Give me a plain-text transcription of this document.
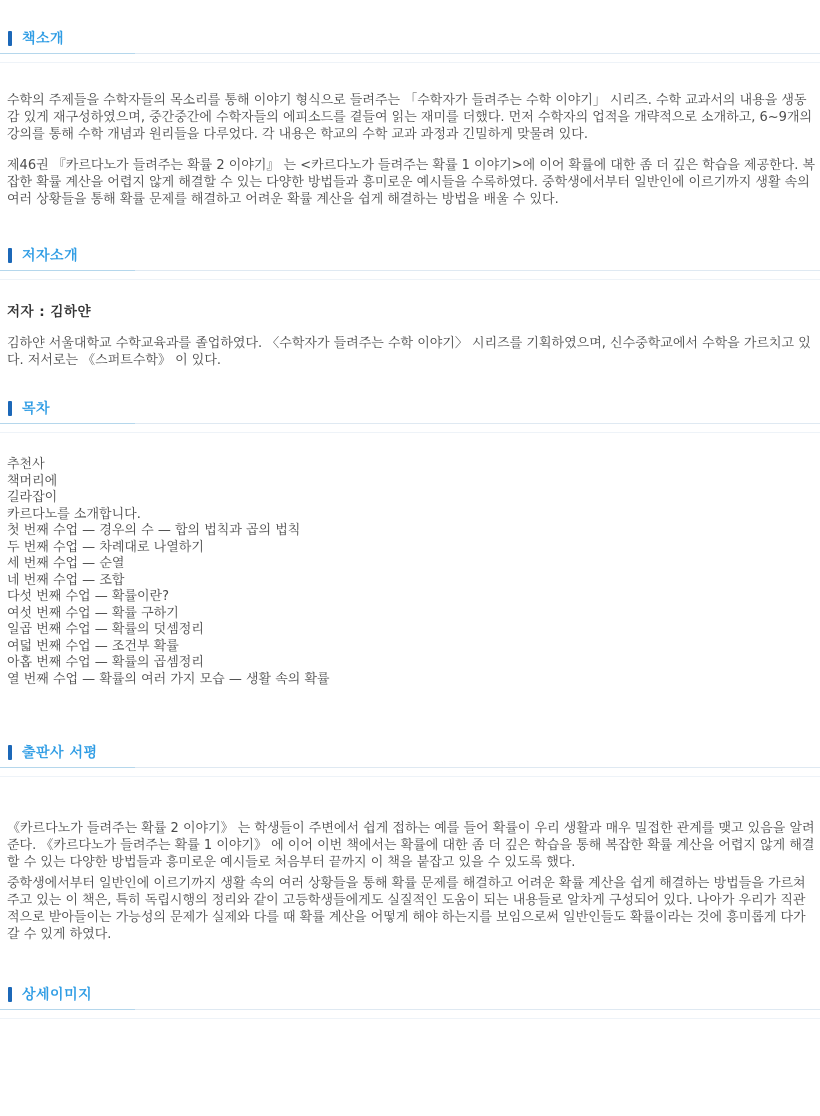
책소개

수학의 주제들을 수학자들의 목소리를 통해 이야기 형식으로 들려주는 「수학자가 들려주는 수학 이야기」 시리즈. 수학 교과서의 내용을 생동감 있게 재구성하였으며, 중간중간에 수학자들의 에피소드를 곁들여 읽는 재미를 더했다. 먼저 수학자의 업적을 개략적으로 소개하고, 6~9개의 강의를 통해 수학 개념과 원리들을 다루었다. 각 내용은 학교의 수학 교과 과정과 긴밀하게 맞물려 있다.

제46권 『카르다노가 들려주는 확률 2 이야기』 는 <카르다노가 들려주는 확률 1 이야기>에 이어 확률에 대한 좀 더 깊은 학습을 제공한다. 복잡한 확률 계산을 어렵지 않게 해결할 수 있는 다양한 방법들과 흥미로운 예시들을 수록하였다. 중학생에서부터 일반인에 이르기까지 생활 속의 여러 상황들을 통해 확률 문제를 해결하고 어려운 확률 계산을 쉽게 해결하는 방법을 배울 수 있다.

저자소개
저자 : 김하얀

김하얀 서울대학교 수학교육과를 졸업하였다. 〈수학자가 들려주는 수학 이야기〉 시리즈를 기획하였으며, 신수중학교에서 수학을 가르치고 있다. 저서로는 《스퍼트수학》 이 있다.

목차
추천사
책머리에
길라잡이
카르다노를 소개합니다.
첫 번째 수업 — 경우의 수 — 합의 법칙과 곱의 법칙
두 번째 수업 — 차례대로 나열하기
세 번째 수업 — 순열
네 번째 수업 — 조합
다섯 번째 수업 — 확률이란?
여섯 번째 수업 — 확률 구하기
일곱 번째 수업 — 확률의 덧셈정리
여덟 번째 수업 — 조건부 확률
아홉 번째 수업 — 확률의 곱셈정리
열 번째 수업 — 확률의 여러 가지 모습 — 생활 속의 확률
출판사 서평

《카르다노가 들려주는 확률 2 이야기》 는 학생들이 주변에서 쉽게 접하는 예를 들어 확률이 우리 생활과 매우 밀접한 관계를 맺고 있음을 알려 준다. 《카르다노가 들려주는 확률 1 이야기》 에 이어 이번 책에서는 확률에 대한 좀 더 깊은 학습을 통해 복잡한 확률 계산을 어렵지 않게 해결할 수 있는 다양한 방법들과 흥미로운 예시들로 처음부터 끝까지 이 책을 붙잡고 있을 수 있도록 했다.

중학생에서부터 일반인에 이르기까지 생활 속의 여러 상황들을 통해 확률 문제를 해결하고 어려운 확률 계산을 쉽게 해결하는 방법들을 가르쳐 주고 있는 이 책은, 특히 독립시행의 정리와 같이 고등학생들에게도 실질적인 도움이 되는 내용들로 알차게 구성되어 있다. 나아가 우리가 직관적으로 받아들이는 가능성의 문제가 실제와 다를 때 확률 계산을 어떻게 해야 하는지를 보임으로써 일반인들도 확률이라는 것에 흥미롭게 다가갈 수 있게 하였다.

상세이미지
